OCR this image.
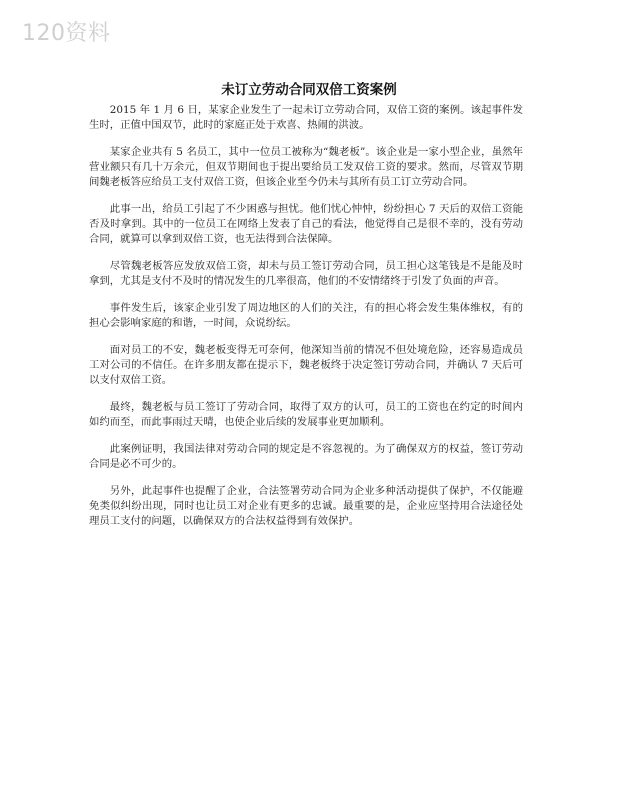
120资料
未订立劳动合同双倍工资案例

2015 年 1 月 6 日，某家企业发生了一起未订立劳动合同，双倍工资的案例。该起事件发生时，正值中国双节，此时的家庭正处于欢喜、热闹的洪波。

某家企业共有 5 名员工，其中一位员工被称为“魏老板”。该企业是一家小型企业，虽然年营业额只有几十万余元，但双节期间也于提出要给员工发双倍工资的要求。然而，尽管双节期间魏老板答应给员工支付双倍工资，但该企业至今仍未与其所有员工订立劳动合同。

此事一出，给员工引起了不少困惑与担忧。他们忧心忡忡，纷纷担心 7 天后的双倍工资能否及时拿到。其中的一位员工在网络上发表了自己的看法，他觉得自己是很不幸的，没有劳动合同，就算可以拿到双倍工资，也无法得到合法保障。

尽管魏老板答应发放双倍工资，却未与员工签订劳动合同，员工担心这笔钱是不是能及时拿到，尤其是支付不及时的情况发生的几率很高，他们的不安情绪终于引发了负面的声音。

事件发生后，该家企业引发了周边地区的人们的关注，有的担心将会发生集体维权，有的担心会影响家庭的和谐，一时间，众说纷纭。

面对员工的不安，魏老板变得无可奈何，他深知当前的情况不但处境危险，还容易造成员工对公司的不信任。在许多朋友都在提示下，魏老板终于决定签订劳动合同，并确认 7 天后可以支付双倍工资。

最终，魏老板与员工签订了劳动合同，取得了双方的认可，员工的工资也在约定的时间内如约而至，而此事雨过天晴，也使企业后续的发展事业更加顺利。

此案例证明，我国法律对劳动合同的规定是不容忽视的。为了确保双方的权益，签订劳动合同是必不可少的。

另外，此起事件也提醒了企业，合法签署劳动合同为企业多种活动提供了保护，不仅能避免类似纠纷出现，同时也让员工对企业有更多的忠诚。最重要的是，企业应坚持用合法途径处理员工支付的问题，以确保双方的合法权益得到有效保护。
